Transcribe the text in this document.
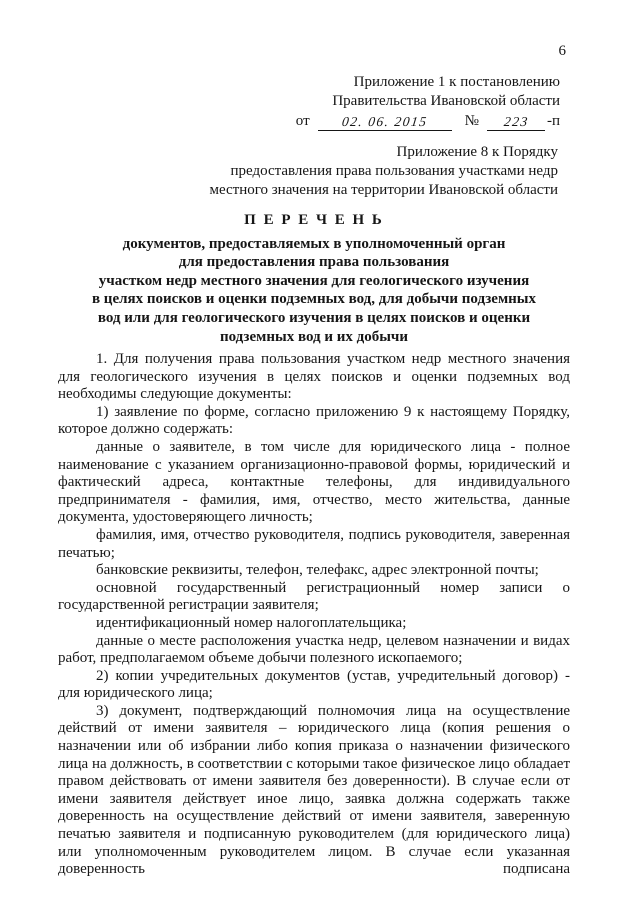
6
Приложение 1 к постановлению
Правительства Ивановской области
от	02. 06. 2015	№	223	-п
Приложение 8 к Порядку
предоставления права пользования участками недр
местного значения на территории Ивановской области
П Е Р Е Ч Е Н Ь
документов, предоставляемых в уполномоченный орган
для предоставления права пользования
участком недр местного значения для геологического изучения
в целях поисков и оценки подземных вод, для добычи подземных
вод или для геологического изучения в целях поисков и оценки
подземных вод и их добычи

1. Для получения права пользования участком недр местного значения для геологического изучения в целях поисков и оценки подземных вод необходимы следующие документы:

1) заявление по форме, согласно приложению 9 к настоящему Порядку, которое должно содержать:

данные о заявителе, в том числе для юридического лица - полное наименование с указанием организационно-правовой формы, юридический и фактический адреса, контактные телефоны, для индивидуального предпринимателя - фамилия, имя, отчество, место жительства, данные документа, удостоверяющего личность;

фамилия, имя, отчество руководителя, подпись руководителя, заверенная печатью;

банковские реквизиты, телефон, телефакс, адрес электронной почты;

основной государственный регистрационный номер записи о государственной регистрации заявителя;

идентификационный номер налогоплательщика;

данные о месте расположения участка недр, целевом назначении и видах работ, предполагаемом объеме добычи полезного ископаемого;

2) копии учредительных документов (устав, учредительный договор) - для юридического лица;

3) документ, подтверждающий полномочия лица на осуществление действий от имени заявителя – юридического лица (копия решения о назначении или об избрании либо копия приказа о назначении физического лица на должность, в соответствии с которыми такое физическое лицо обладает правом действовать от имени заявителя без доверенности). В случае если от имени заявителя действует иное лицо, заявка должна содержать также доверенность на осуществление действий от имени заявителя, заверенную печатью заявителя и подписанную руководителем (для юридического лица) или уполномоченным руководителем лицом. В случае если указанная доверенность подписана
